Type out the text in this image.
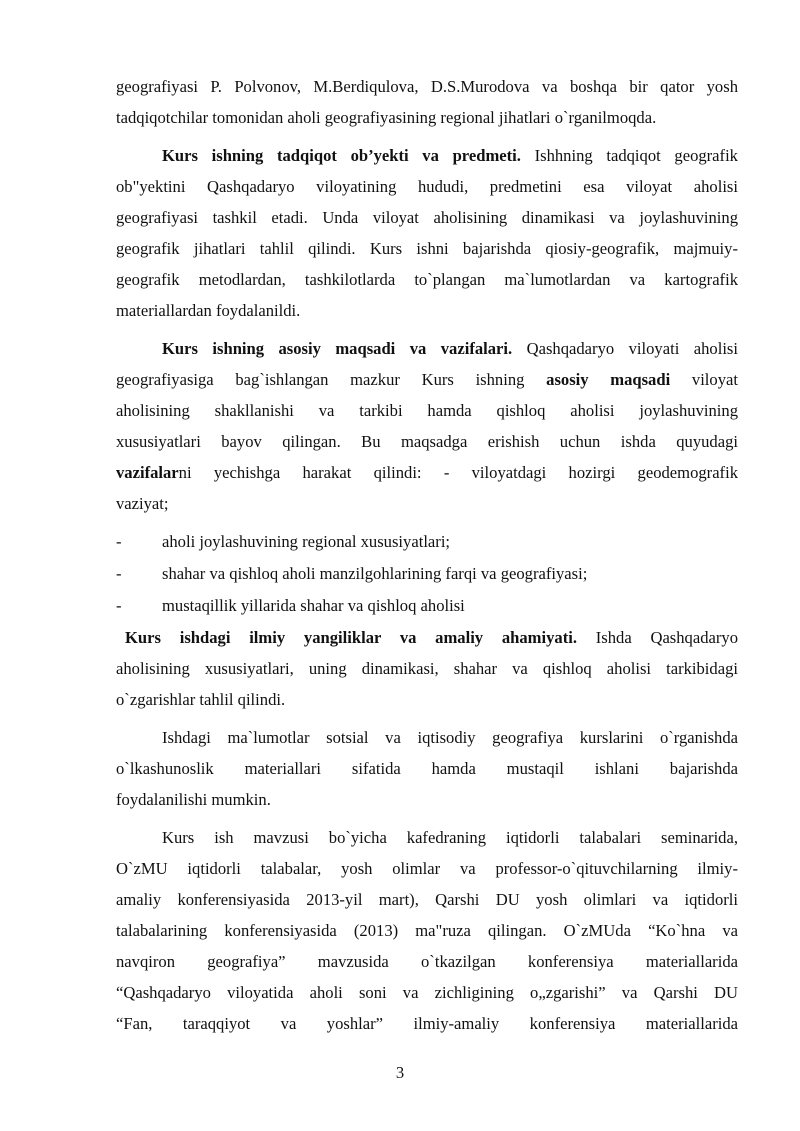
geografiyasi P. Polvonov, M.Berdiqulova, D.S.Murodova va boshqa bir qator yosh
tadqiqotchilar tomonidan aholi geografiyasining regional jihatlari o`rganilmoqda.
Kurs ishning tadqiqot ob’yekti va predmeti. Ishhning tadqiqot geografik
ob"yektini Qashqadaryo viloyatining hududi, predmetini esa viloyat aholisi
geografiyasi tashkil etadi. Unda viloyat aholisining dinamikasi va joylashuvining
geografik jihatlari tahlil qilindi. Kurs ishni bajarishda qiosiy-geografik, majmuiy-
geografik metodlardan, tashkilotlarda to`plangan ma`lumotlardan va kartografik
materiallardan foydalanildi.
Kurs ishning asosiy maqsadi va vazifalari. Qashqadaryo viloyati aholisi
geografiyasiga bag`ishlangan mazkur Kurs ishning asosiy maqsadi viloyat
aholisining shakllanishi va tarkibi hamda qishloq aholisi joylashuvining
xususiyatlari bayov qilingan. Bu maqsadga erishish uchun ishda quyudagi
vazifalarni yechishga harakat qilindi: - viloyatdagi hozirgi geodemografik
vaziyat;
- aholi joylashuvining regional xususiyatlari;
- shahar va qishloq aholi manzilgohlarining farqi va geografiyasi;
- mustaqillik yillarida shahar va qishloq aholisi
Kurs ishdagi ilmiy yangiliklar va amaliy ahamiyati. Ishda Qashqadaryo
aholisining xususiyatlari, uning dinamikasi, shahar va qishloq aholisi tarkibidagi
o`zgarishlar tahlil qilindi.
Ishdagi ma`lumotlar sotsial va iqtisodiy geografiya kurslarini o`rganishda
o`lkashunoslik materiallari sifatida hamda mustaqil ishlani bajarishda
foydalanilishi mumkin.
Kurs ish mavzusi bo`yicha kafedraning iqtidorli talabalari seminarida,
O`zMU iqtidorli talabalar, yosh olimlar va professor-o`qituvchilarning ilmiy-
amaliy konferensiyasida 2013-yil mart), Qarshi DU yosh olimlari va iqtidorli
talabalarining konferensiyasida (2013) ma"ruza qilingan. O`zMUda “Ko`hna va
navqiron geografiya” mavzusida o`tkazilgan konferensiya materiallarida
“Qashqadaryo viloyatida aholi soni va zichligining o„zgarishi” va Qarshi DU
“Fan, taraqqiyot va yoshlar” ilmiy-amaliy konferensiya materiallarida
3
